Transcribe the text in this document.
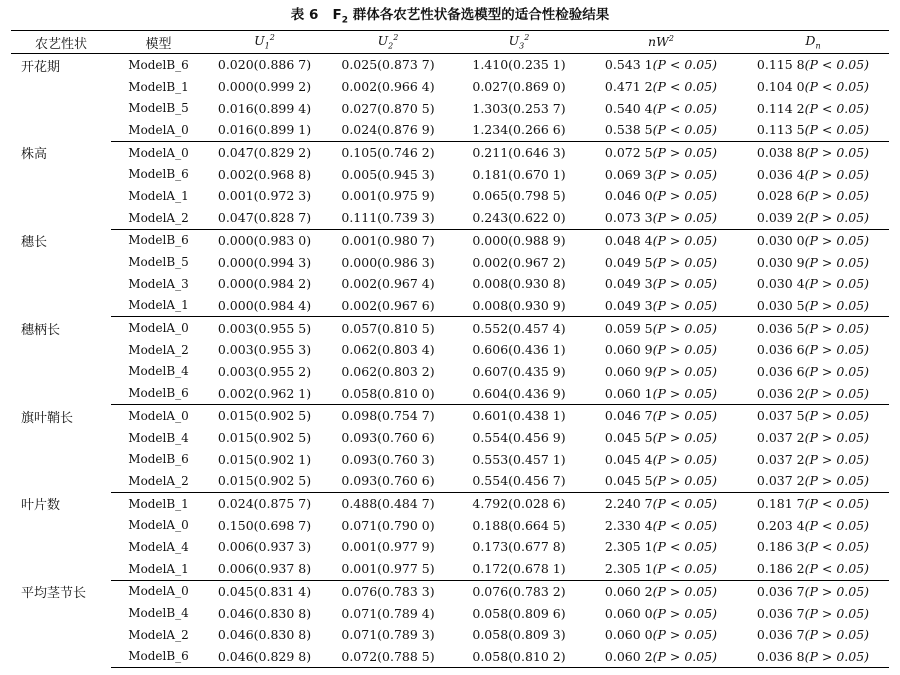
表 6 $F_2$ 群体各农艺性状备选模型的适合性检验结果
农艺性状	模型	$U_1^2$	$U_2^2$	$U_3^2$	$nW^2$	$D_n$
开花期	ModelB_6	0.020(0.886 7)	0.025(0.873 7)	1.410(0.235 1)	0.543 1(P < 0.05)	0.115 8(P < 0.05)
	ModelB_1	0.000(0.999 2)	0.002(0.966 4)	0.027(0.869 0)	0.471 2(P < 0.05)	0.104 0(P < 0.05)
	ModelB_5	0.016(0.899 4)	0.027(0.870 5)	1.303(0.253 7)	0.540 4(P < 0.05)	0.114 2(P < 0.05)
	ModelA_0	0.016(0.899 1)	0.024(0.876 9)	1.234(0.266 6)	0.538 5(P < 0.05)	0.113 5(P < 0.05)
株高	ModelA_0	0.047(0.829 2)	0.105(0.746 2)	0.211(0.646 3)	0.072 5(P > 0.05)	0.038 8(P > 0.05)
	ModelB_6	0.002(0.968 8)	0.005(0.945 3)	0.181(0.670 1)	0.069 3(P > 0.05)	0.036 4(P > 0.05)
	ModelA_1	0.001(0.972 3)	0.001(0.975 9)	0.065(0.798 5)	0.046 0(P > 0.05)	0.028 6(P > 0.05)
	ModelA_2	0.047(0.828 7)	0.111(0.739 3)	0.243(0.622 0)	0.073 3(P > 0.05)	0.039 2(P > 0.05)
穗长	ModelB_6	0.000(0.983 0)	0.001(0.980 7)	0.000(0.988 9)	0.048 4(P > 0.05)	0.030 0(P > 0.05)
	ModelB_5	0.000(0.994 3)	0.000(0.986 3)	0.002(0.967 2)	0.049 5(P > 0.05)	0.030 9(P > 0.05)
	ModelA_3	0.000(0.984 2)	0.002(0.967 4)	0.008(0.930 8)	0.049 3(P > 0.05)	0.030 4(P > 0.05)
	ModelA_1	0.000(0.984 4)	0.002(0.967 6)	0.008(0.930 9)	0.049 3(P > 0.05)	0.030 5(P > 0.05)
穗柄长	ModelA_0	0.003(0.955 5)	0.057(0.810 5)	0.552(0.457 4)	0.059 5(P > 0.05)	0.036 5(P > 0.05)
	ModelA_2	0.003(0.955 3)	0.062(0.803 4)	0.606(0.436 1)	0.060 9(P > 0.05)	0.036 6(P > 0.05)
	ModelB_4	0.003(0.955 2)	0.062(0.803 2)	0.607(0.435 9)	0.060 9(P > 0.05)	0.036 6(P > 0.05)
	ModelB_6	0.002(0.962 1)	0.058(0.810 0)	0.604(0.436 9)	0.060 1(P > 0.05)	0.036 2(P > 0.05)
旗叶鞘长	ModelA_0	0.015(0.902 5)	0.098(0.754 7)	0.601(0.438 1)	0.046 7(P > 0.05)	0.037 5(P > 0.05)
	ModelB_4	0.015(0.902 5)	0.093(0.760 6)	0.554(0.456 9)	0.045 5(P > 0.05)	0.037 2(P > 0.05)
	ModelB_6	0.015(0.902 1)	0.093(0.760 3)	0.553(0.457 1)	0.045 4(P > 0.05)	0.037 2(P > 0.05)
	ModelA_2	0.015(0.902 5)	0.093(0.760 6)	0.554(0.456 7)	0.045 5(P > 0.05)	0.037 2(P > 0.05)
叶片数	ModelB_1	0.024(0.875 7)	0.488(0.484 7)	4.792(0.028 6)	2.240 7(P < 0.05)	0.181 7(P < 0.05)
	ModelA_0	0.150(0.698 7)	0.071(0.790 0)	0.188(0.664 5)	2.330 4(P < 0.05)	0.203 4(P < 0.05)
	ModelA_4	0.006(0.937 3)	0.001(0.977 9)	0.173(0.677 8)	2.305 1(P < 0.05)	0.186 3(P < 0.05)
	ModelA_1	0.006(0.937 8)	0.001(0.977 5)	0.172(0.678 1)	2.305 1(P < 0.05)	0.186 2(P < 0.05)
平均茎节长	ModelA_0	0.045(0.831 4)	0.076(0.783 3)	0.076(0.783 2)	0.060 2(P > 0.05)	0.036 7(P > 0.05)
	ModelB_4	0.046(0.830 8)	0.071(0.789 4)	0.058(0.809 6)	0.060 0(P > 0.05)	0.036 7(P > 0.05)
	ModelA_2	0.046(0.830 8)	0.071(0.789 3)	0.058(0.809 3)	0.060 0(P > 0.05)	0.036 7(P > 0.05)
	ModelB_6	0.046(0.829 8)	0.072(0.788 5)	0.058(0.810 2)	0.060 2(P > 0.05)	0.036 8(P > 0.05)
